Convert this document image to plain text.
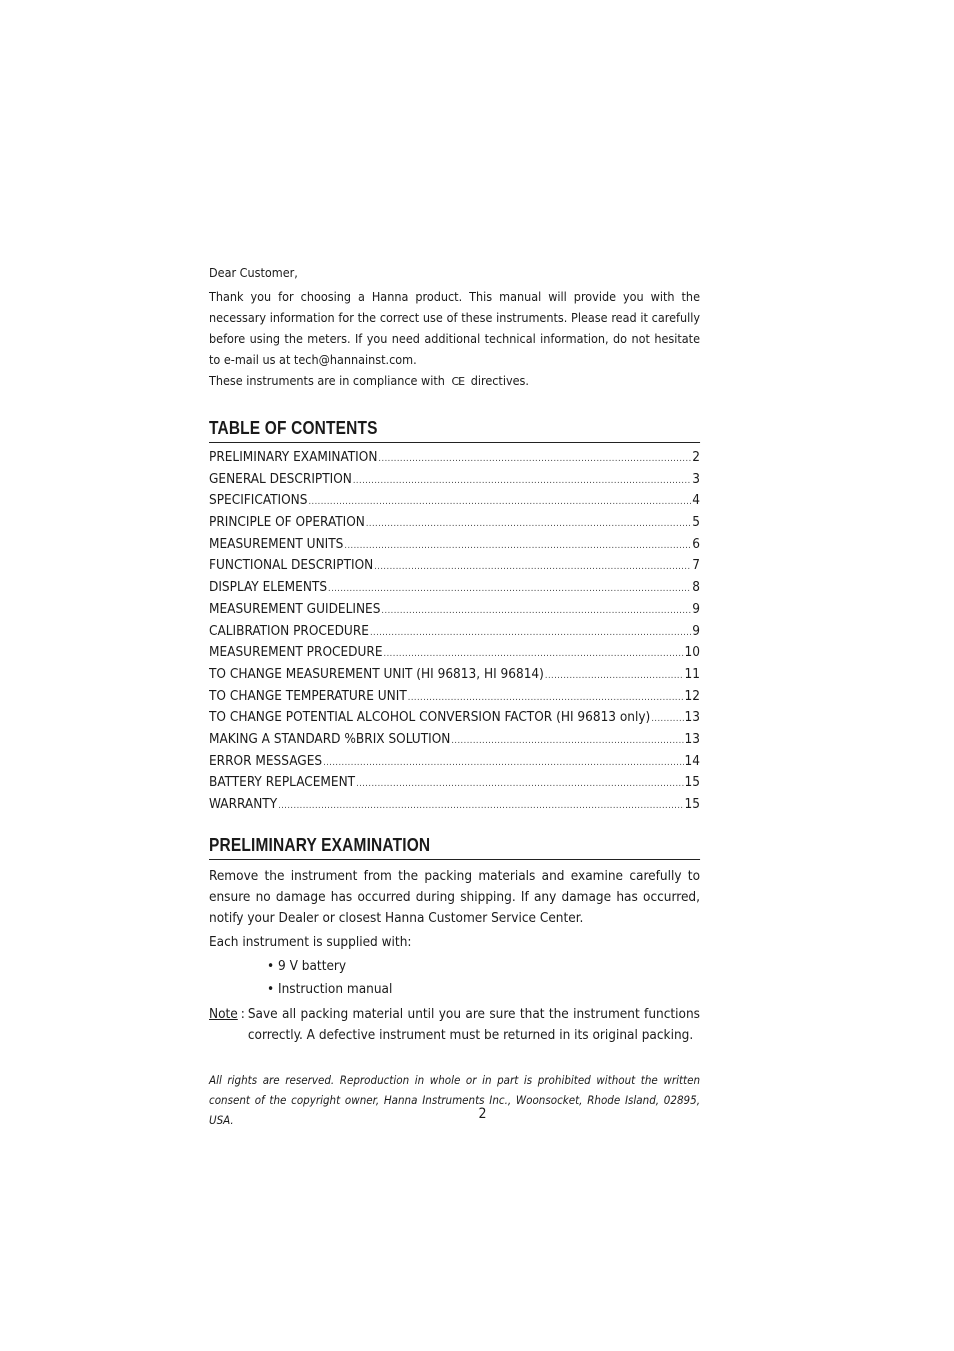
Dear Customer,

Thank you for choosing a Hanna product. This manual will provide you with the necessary information for the correct use of these instruments. Please read it carefully before using the meters. If you need additional technical information, do not hesitate to e-mail us at tech@hannainst.com.

These instruments are in compliance with CE directives.

TABLE OF CONTENTS
PRELIMINARY EXAMINATION .....	2
GENERAL DESCRIPTION .....	3
SPECIFICATIONS .....	4
PRINCIPLE OF OPERATION .....	5
MEASUREMENT UNITS .....	6
FUNCTIONAL DESCRIPTION .....	7
DISPLAY ELEMENTS .....	8
MEASUREMENT GUIDELINES .....	9
CALIBRATION PROCEDURE .....	9
MEASUREMENT PROCEDURE .....	10
TO CHANGE MEASUREMENT UNIT (HI 96813, HI 96814) .....	11
TO CHANGE TEMPERATURE UNIT .....	12
TO CHANGE POTENTIAL ALCOHOL CONVERSION FACTOR (HI 96813 only) .....	13
MAKING A STANDARD %BRIX SOLUTION .....	13
ERROR MESSAGES .....	14
BATTERY REPLACEMENT .....	15
WARRANTY .....	15
PRELIMINARY EXAMINATION

Remove the instrument from the packing materials and examine carefully to ensure no damage has occurred during shipping. If any damage has occurred, notify your Dealer or closest Hanna Customer Service Center.

Each instrument is supplied with:

• 9 V battery
• Instruction manual
Note : Save all packing material until you are sure that the instrument functions correctly. A defective instrument must be returned in its original packing.

All rights are reserved. Reproduction in whole or in part is prohibited without the written consent of the copyright owner, Hanna Instruments Inc., Woonsocket, Rhode Island, 02895, USA.	2
